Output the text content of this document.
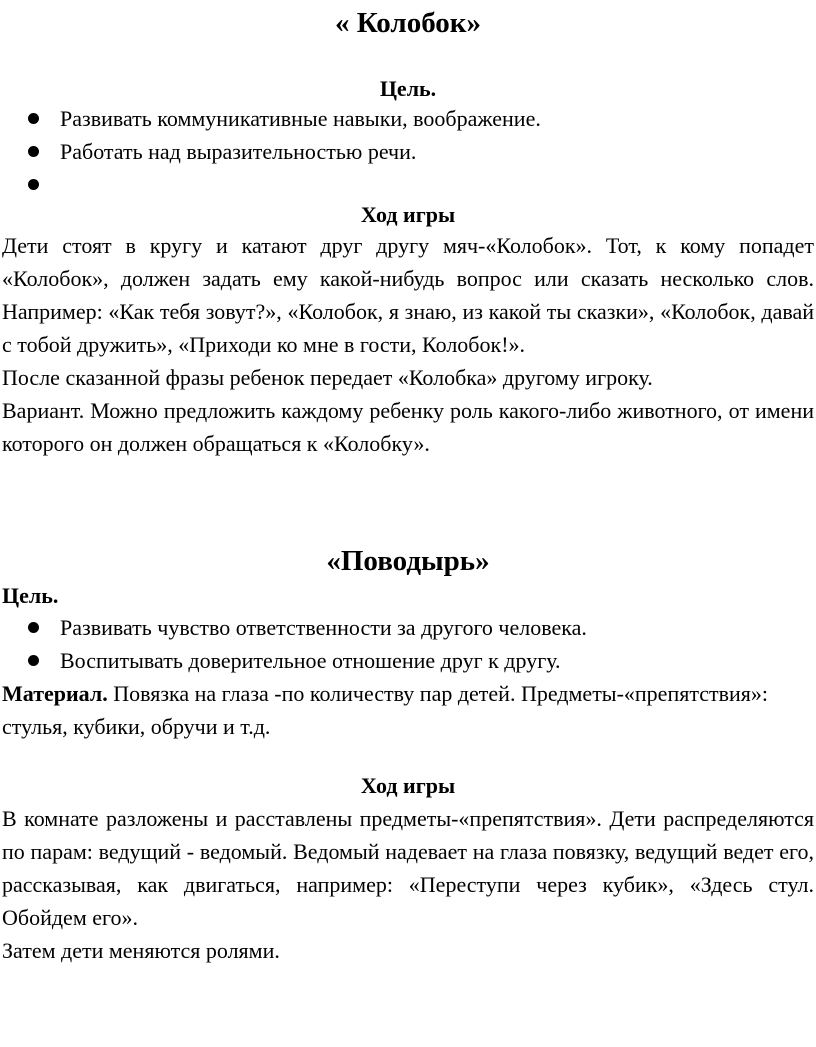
« Колобок»

Цель.

Развивать коммуникативные навыки, воображение.
Работать над выразительностью речи.

Ход игры

Дети стоят в кругу и катают друг другу мяч-«Колобок». Тот, к кому попадет «Колобок», должен задать ему какой-нибудь вопрос или сказать несколько слов. Например: «Как тебя зовут?», «Колобок, я знаю, из какой ты сказки», «Колобок, давай с тобой дружить», «Приходи ко мне в гости, Колобок!».

После сказанной фразы ребенок передает «Колобка» другому игроку.

Вариант. Можно предложить каждому ребенку роль какого-либо животного, от имени которого он должен обращаться к «Колобку».

«Поводырь»

Цель.

Развивать чувство ответственности за другого человека.
Воспитывать доверительное отношение друг к другу.

Материал. Повязка на глаза -по количеству пар детей. Предметы-«препятствия»: стулья, кубики, обручи и т.д.

Ход игры

В комнате разложены и расставлены предметы-«препятствия». Дети распределяются по парам: ведущий - ведомый. Ведомый надевает на глаза повязку, ведущий ведет его, рассказывая, как двигаться, например: «Переступи через кубик», «Здесь стул. Обойдем его».

Затем дети меняются ролями.
